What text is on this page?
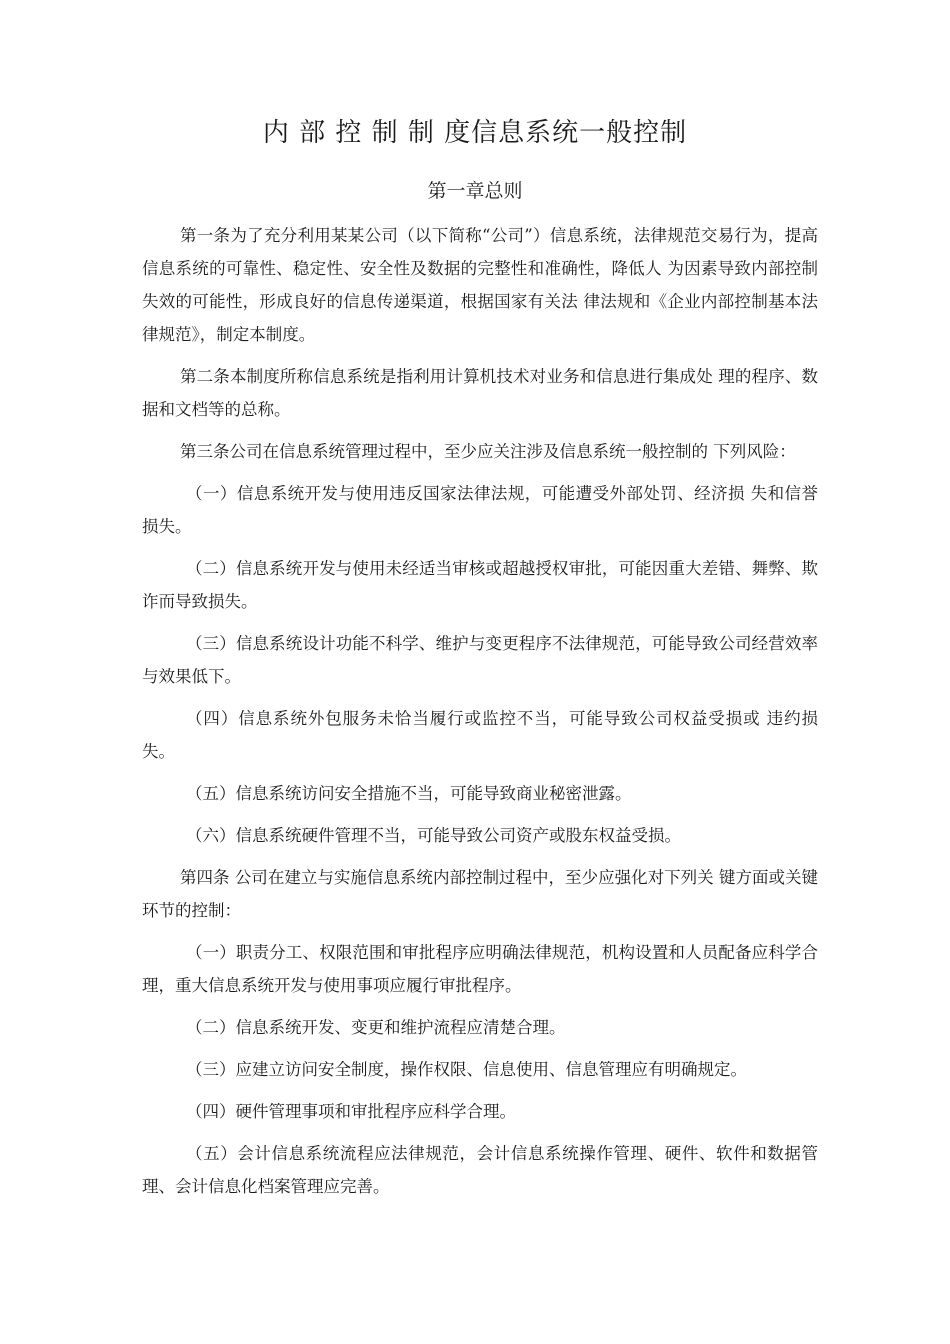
内 部 控 制 制 度信息系统一般控制
第一章总则

第一条为了充分利用某某公司（以下简称“公司”）信息系统，法律规范交易行为，提高信息系统的可靠性、稳定性、安全性及数据的完整性和准确性，降低人 为因素导致内部控制失效的可能性，形成良好的信息传递渠道，根据国家有关法 律法规和《企业内部控制基本法律规范》，制定本制度。

第二条本制度所称信息系统是指利用计算机技术对业务和信息进行集成处 理的程序、数据和文档等的总称。

第三条公司在信息系统管理过程中，至少应关注涉及信息系统一般控制的 下列风险：

（一）信息系统开发与使用违反国家法律法规，可能遭受外部处罚、经济损 失和信誉损失。

（二）信息系统开发与使用未经适当审核或超越授权审批，可能因重大差错、舞弊、欺诈而导致损失。

（三）信息系统设计功能不科学、维护与变更程序不法律规范，可能导致公司经营效率与效果低下。

（四）信息系统外包服务未恰当履行或监控不当，可能导致公司权益受损或 违约损失。

（五）信息系统访问安全措施不当，可能导致商业秘密泄露。

（六）信息系统硬件管理不当，可能导致公司资产或股东权益受损。

第四条 公司在建立与实施信息系统内部控制过程中，至少应强化对下列关 键方面或关键环节的控制：

（一）职责分工、权限范围和审批程序应明确法律规范，机构设置和人员配备应科学合理，重大信息系统开发与使用事项应履行审批程序。

（二）信息系统开发、变更和维护流程应清楚合理。

（三）应建立访问安全制度，操作权限、信息使用、信息管理应有明确规定。

（四）硬件管理事项和审批程序应科学合理。

（五）会计信息系统流程应法律规范，会计信息系统操作管理、硬件、软件和数据管理、会计信息化档案管理应完善。
